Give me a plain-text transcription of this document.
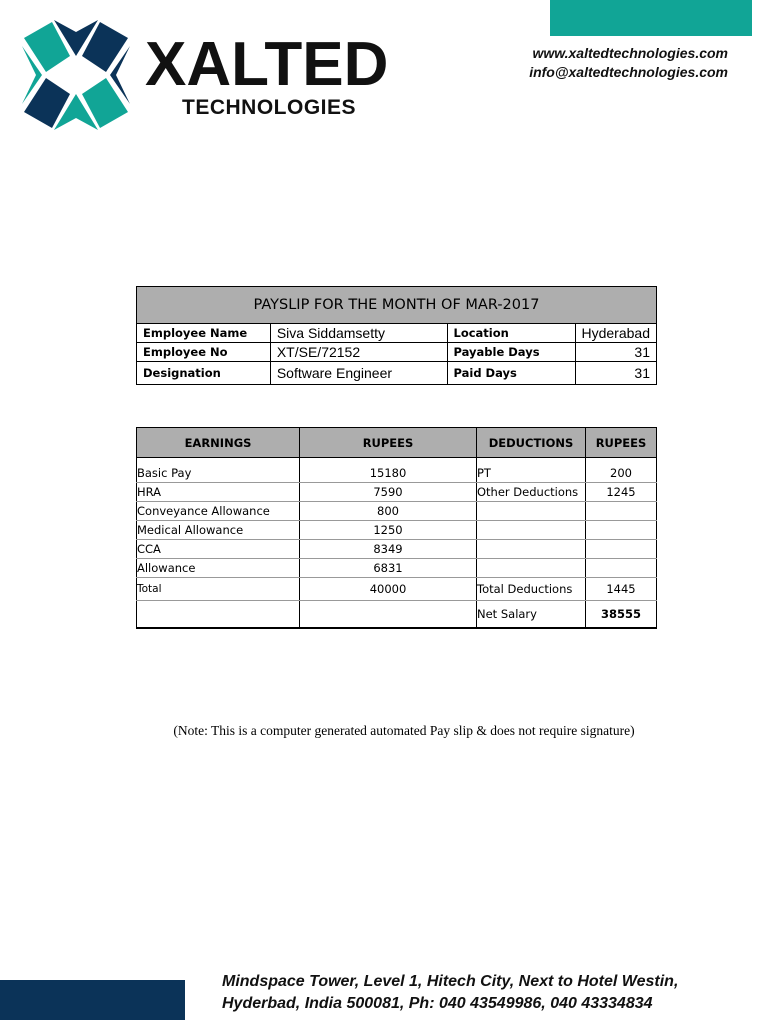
XALTED
TECHNOLOGIES
www.xaltedtechnologies.com
info@xaltedtechnologies.com
PAYSLIP FOR THE MONTH OF MAR-2017			
Employee Name	Siva Siddamsetty	Location	Hyderabad
Employee No	XT/SE/72152	Payable Days	31
Designation	Software Engineer	Paid Days	31
EARNINGS	RUPEES	DEDUCTIONS	RUPEES

Basic Pay	15180	PT	200
HRA	7590	Other Deductions	1245
Conveyance Allowance	800		
Medical Allowance	1250		
CCA	8349		
Allowance	6831		
Total	40000	Total Deductions	1445
		Net Salary	38555
(Note: This is a computer generated automated Pay slip & does not require signature)
Mindspace Tower, Level 1, Hitech City, Next to Hotel Westin,
Hyderbad, India 500081, Ph: 040 43549986, 040 43334834
